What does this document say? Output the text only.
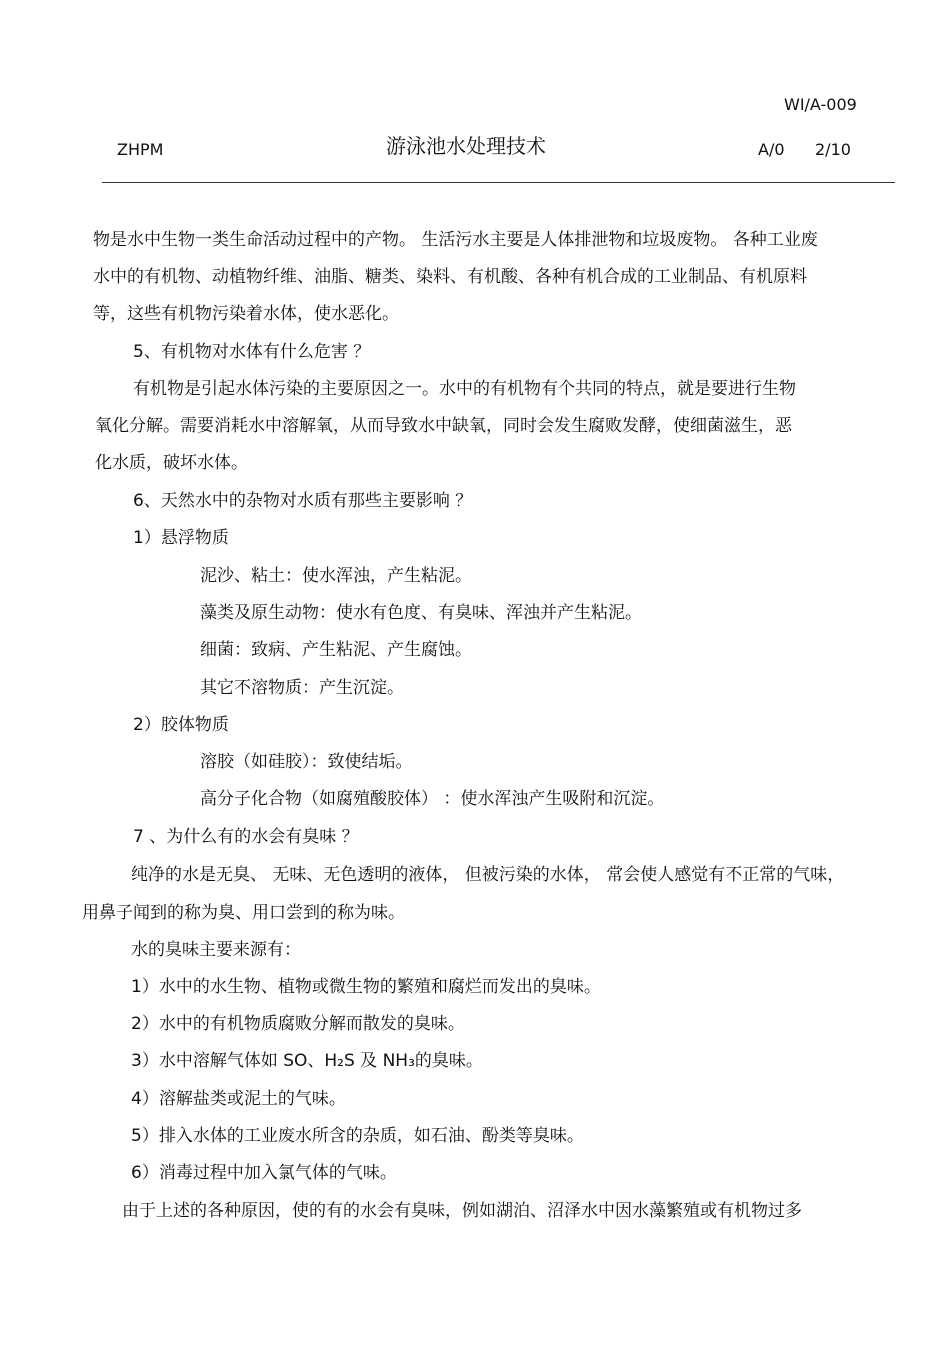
WI/A-009
ZHPM	游泳池水处理技术	A/0 2/10
物是水中生物一类生命活动过程中的产物。 生活污水主要是人体排泄物和垃圾废物。 各种工业废
水中的有机物、动植物纤维、油脂、糖类、染料、有机酸、各种有机合成的工业制品、有机原料
等，这些有机物污染着水体，使水恶化。
5、有机物对水体有什么危害 ？
有机物是引起水体污染的主要原因之一。水中的有机物有个共同的特点，就是要进行生物
氧化分解。需要消耗水中溶解氧，从而导致水中缺氧，同时会发生腐败发酵，使细菌滋生，恶
化水质，破坏水体。
6、天然水中的杂物对水质有那些主要影响 ？
1）悬浮物质
泥沙、粘土：使水浑浊，产生粘泥。
藻类及原生动物：使水有色度、有臭味、浑浊并产生粘泥。
细菌：致病、产生粘泥、产生腐蚀。
其它不溶物质：产生沉淀。
2）胶体物质
溶胶（如硅胶）：致使结垢。
高分子化合物（如腐殖酸胶体） ：使水浑浊产生吸附和沉淀。
7 、为什么有的水会有臭味 ？
纯净的水是无臭、 无味、无色透明的液体， 但被污染的水体， 常会使人感觉有不正常的气味，
用鼻子闻到的称为臭、用口尝到的称为味。
水的臭味主要来源有：
1）水中的水生物、植物或微生物的繁殖和腐烂而发出的臭味。
2）水中的有机物质腐败分解而散发的臭味。
3）水中溶解气体如 SO、H₂S 及 NH₃的臭味。
4）溶解盐类或泥土的气味。
5）排入水体的工业废水所含的杂质，如石油、酚类等臭味。
6）消毒过程中加入氯气体的气味。
由于上述的各种原因，使的有的水会有臭味，例如湖泊、沼泽水中因水藻繁殖或有机物过多
